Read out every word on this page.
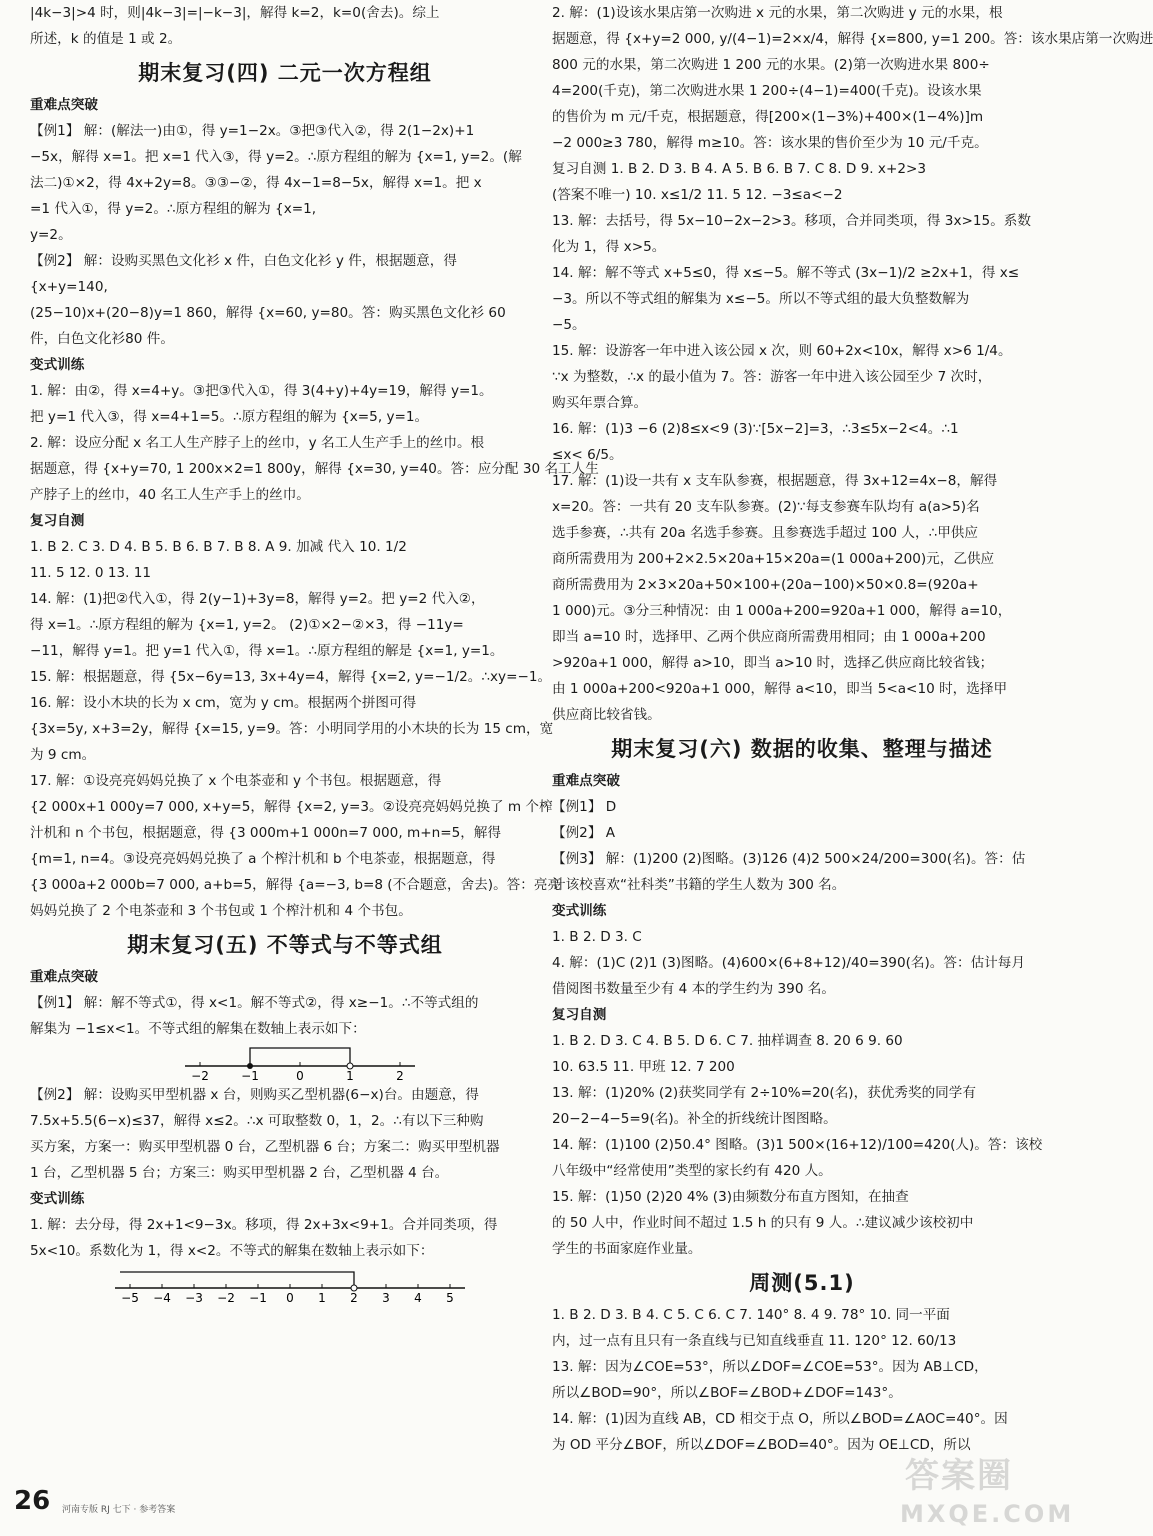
|4k−3|>4 时，则|4k−3|=|−k−3|，解得 k=2，k=0(舍去)。综上

所述，k 的值是 1 或 2。

期末复习(四) 二元一次方程组

重难点突破

【例1】 解：(解法一)由①，得 y=1−2x。③把③代入②，得 2(1−2x)+1

−5x，解得 x=1。把 x=1 代入③，得 y=2。∴原方程组的解为 {x=1, y=2。(解

法二)①×2，得 4x+2y=8。③③−②，得 4x−1=8−5x，解得 x=1。把 x

=1 代入①，得 y=2。∴原方程组的解为 {x=1,

y=2。

【例2】 解：设购买黑色文化衫 x 件，白色文化衫 y 件，根据题意，得

{x+y=140,

(25−10)x+(20−8)y=1 860，解得 {x=60, y=80。答：购买黑色文化衫 60

件，白色文化衫80 件。

变式训练

1. 解：由②，得 x=4+y。③把③代入①，得 3(4+y)+4y=19，解得 y=1。

把 y=1 代入③，得 x=4+1=5。∴原方程组的解为 {x=5, y=1。

2. 解：设应分配 x 名工人生产脖子上的丝巾，y 名工人生产手上的丝巾。根

据题意，得 {x+y=70, 1 200x×2=1 800y，解得 {x=30, y=40。答：应分配 30 名工人生

产脖子上的丝巾，40 名工人生产手上的丝巾。

复习自测

1. B 2. C 3. D 4. B 5. B 6. B 7. B 8. A 9. 加减 代入 10. 1/2

11. 5 12. 0 13. 11

14. 解：(1)把②代入①，得 2(y−1)+3y=8，解得 y=2。把 y=2 代入②，

得 x=1。∴原方程组的解为 {x=1, y=2。 (2)①×2−②×3，得 −11y=

−11，解得 y=1。把 y=1 代入①，得 x=1。∴原方程组的解是 {x=1, y=1。

15. 解：根据题意，得 {5x−6y=13, 3x+4y=4，解得 {x=2, y=−1/2。∴xy=−1。

16. 解：设小木块的长为 x cm，宽为 y cm。根据两个拼图可得

{3x=5y, x+3=2y，解得 {x=15, y=9。答：小明同学用的小木块的长为 15 cm，宽

为 9 cm。

17. 解：①设亮亮妈妈兑换了 x 个电茶壶和 y 个书包。根据题意，得

{2 000x+1 000y=7 000, x+y=5，解得 {x=2, y=3。②设亮亮妈妈兑换了 m 个榨

汁机和 n 个书包，根据题意，得 {3 000m+1 000n=7 000, m+n=5，解得

{m=1, n=4。③设亮亮妈妈兑换了 a 个榨汁机和 b 个电茶壶，根据题意，得

{3 000a+2 000b=7 000, a+b=5，解得 {a=−3, b=8 (不合题意，舍去)。答：亮亮

妈妈兑换了 2 个电茶壶和 3 个书包或 1 个榨汁机和 4 个书包。

期末复习(五) 不等式与不等式组

重难点突破

【例1】 解：解不等式①，得 x<1。解不等式②，得 x≥−1。∴不等式组的

解集为 −1≤x<1。不等式组的解集在数轴上表示如下：

−2	−1	0	1	2

【例2】 解：设购买甲型机器 x 台，则购买乙型机器(6−x)台。由题意，得

7.5x+5.5(6−x)≤37，解得 x≤2。∴x 可取整数 0，1，2。∴有以下三种购

买方案，方案一：购买甲型机器 0 台，乙型机器 6 台；方案二：购买甲型机器

1 台，乙型机器 5 台；方案三：购买甲型机器 2 台，乙型机器 4 台。

变式训练

1. 解：去分母，得 2x+1<9−3x。移项，得 2x+3x<9+1。合并同类项，得

5x<10。系数化为 1，得 x<2。不等式的解集在数轴上表示如下：

−5 −4 −3 −2 −1 0 1 2 3 4 5

2. 解：(1)设该水果店第一次购进 x 元的水果，第二次购进 y 元的水果，根

据题意，得 {x+y=2 000, y/(4−1)=2×x/4，解得 {x=800, y=1 200。答：该水果店第一次购进

800 元的水果，第二次购进 1 200 元的水果。(2)第一次购进水果 800÷

4=200(千克)，第二次购进水果 1 200÷(4−1)=400(千克)。设该水果

的售价为 m 元/千克，根据题意，得[200×(1−3%)+400×(1−4%)]m

−2 000≥3 780，解得 m≥10。答：该水果的售价至少为 10 元/千克。

复习自测 1. B 2. D 3. B 4. A 5. B 6. B 7. C 8. D 9. x+2>3

(答案不唯一) 10. x≤1/2 11. 5 12. −3≤a<−2

13. 解：去括号，得 5x−10−2x−2>3。移项，合并同类项，得 3x>15。系数

化为 1，得 x>5。

14. 解：解不等式 x+5≤0，得 x≤−5。解不等式 (3x−1)/2 ≥2x+1，得 x≤

−3。所以不等式组的解集为 x≤−5。所以不等式组的最大负整数解为

−5。

15. 解：设游客一年中进入该公园 x 次，则 60+2x<10x，解得 x>6 1/4。

∵x 为整数，∴x 的最小值为 7。答：游客一年中进入该公园至少 7 次时，

购买年票合算。

16. 解：(1)3 −6 (2)8≤x<9 (3)∵[5x−2]=3，∴3≤5x−2<4。∴1

≤x< 6/5。

17. 解：(1)设一共有 x 支车队参赛，根据题意，得 3x+12=4x−8，解得

x=20。答：一共有 20 支车队参赛。(2)∵每支参赛车队均有 a(a>5)名

选手参赛，∴共有 20a 名选手参赛。且参赛选手超过 100 人，∴甲供应

商所需费用为 200+2×2.5×20a+15×20a=(1 000a+200)元，乙供应

商所需费用为 2×3×20a+50×100+(20a−100)×50×0.8=(920a+

1 000)元。③分三种情况：由 1 000a+200=920a+1 000，解得 a=10，

即当 a=10 时，选择甲、乙两个供应商所需费用相同；由 1 000a+200

>920a+1 000，解得 a>10，即当 a>10 时，选择乙供应商比较省钱；

由 1 000a+200<920a+1 000，解得 a<10，即当 5<a<10 时，选择甲

供应商比较省钱。

期末复习(六) 数据的收集、整理与描述

重难点突破

【例1】 D

【例2】 A

【例3】 解：(1)200 (2)图略。(3)126 (4)2 500×24/200=300(名)。答：估

计该校喜欢“社科类”书籍的学生人数为 300 名。

变式训练

1. B 2. D 3. C

4. 解：(1)C (2)1 (3)图略。(4)600×(6+8+12)/40=390(名)。答：估计每月

借阅图书数量至少有 4 本的学生约为 390 名。

复习自测

1. B 2. D 3. C 4. B 5. D 6. C 7. 抽样调查 8. 20 6 9. 60

10. 63.5 11. 甲班 12. 7 200

13. 解：(1)20% (2)获奖同学有 2÷10%=20(名)，获优秀奖的同学有

20−2−4−5=9(名)。补全的折线统计图图略。

14. 解：(1)100 (2)50.4° 图略。(3)1 500×(16+12)/100=420(人)。答：该校

八年级中“经常使用”类型的家长约有 420 人。

15. 解：(1)50 (2)20 4% (3)由频数分布直方图知，在抽查

的 50 人中，作业时间不超过 1.5 h 的只有 9 人。∴建议减少该校初中

学生的书面家庭作业量。

周测(5.1)

1. B 2. D 3. B 4. C 5. C 6. C 7. 140° 8. 4 9. 78° 10. 同一平面

内，过一点有且只有一条直线与已知直线垂直 11. 120° 12. 60/13

13. 解：因为∠COE=53°，所以∠DOF=∠COE=53°。因为 AB⊥CD，

所以∠BOD=90°，所以∠BOF=∠BOD+∠DOF=143°。

14. 解：(1)因为直线 AB，CD 相交于点 O，所以∠BOD=∠AOC=40°。因

为 OD 平分∠BOF，所以∠DOF=∠BOD=40°。因为 OE⊥CD，所以

26 河南专版 RJ 七下 · 参考答案
答案圈
MXQE.COM
